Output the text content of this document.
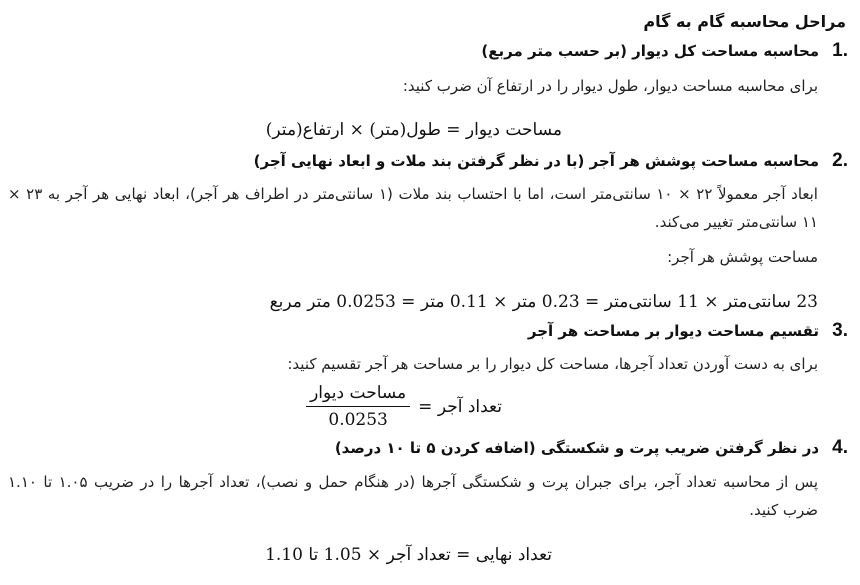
مراحل محاسبه گام به گام
.1 محاسبه مساحت کل دیوار (بر حسب متر مربع)
برای محاسبه مساحت دیوار، طول دیوار را در ارتفاع آن ضرب کنید:
مساحت دیوار = طول(متر) × ارتفاع(متر)
.2 محاسبه مساحت پوشش هر آجر (با در نظر گرفتن بند ملات و ابعاد نهایی آجر)
ابعاد آجر معمولاً ۲۲ × ۱۰ سانتی‌متر است، اما با احتساب بند ملات (۱ سانتی‌متر در اطراف هر آجر)، ابعاد نهایی هر آجر به ۲۳ × ۱۱ سانتی‌متر تغییر می‌کند.
مساحت پوشش هر آجر:
23 سانتی‌متر × 11 سانتی‌متر = 0.23 متر × 0.11 متر = 0.0253 متر مربع
.3 تقسیم مساحت دیوار بر مساحت هر آجر
برای به دست آوردن تعداد آجرها، مساحت کل دیوار را بر مساحت هر آجر تقسیم کنید:
تعداد آجر =
$\frac{\text{مساحت دیوار}}{0.0253}$
.4 در نظر گرفتن ضریب پرت و شکستگی (اضافه کردن ۵ تا ۱۰ درصد)
پس از محاسبه تعداد آجر، برای جبران پرت و شکستگی آجرها (در هنگام حمل و نصب)، تعداد آجرها را در ضریب ۱.۰۵ تا ۱.۱۰ ضرب کنید.
تعداد نهایی = تعداد آجر × 1.05 تا 1.10
